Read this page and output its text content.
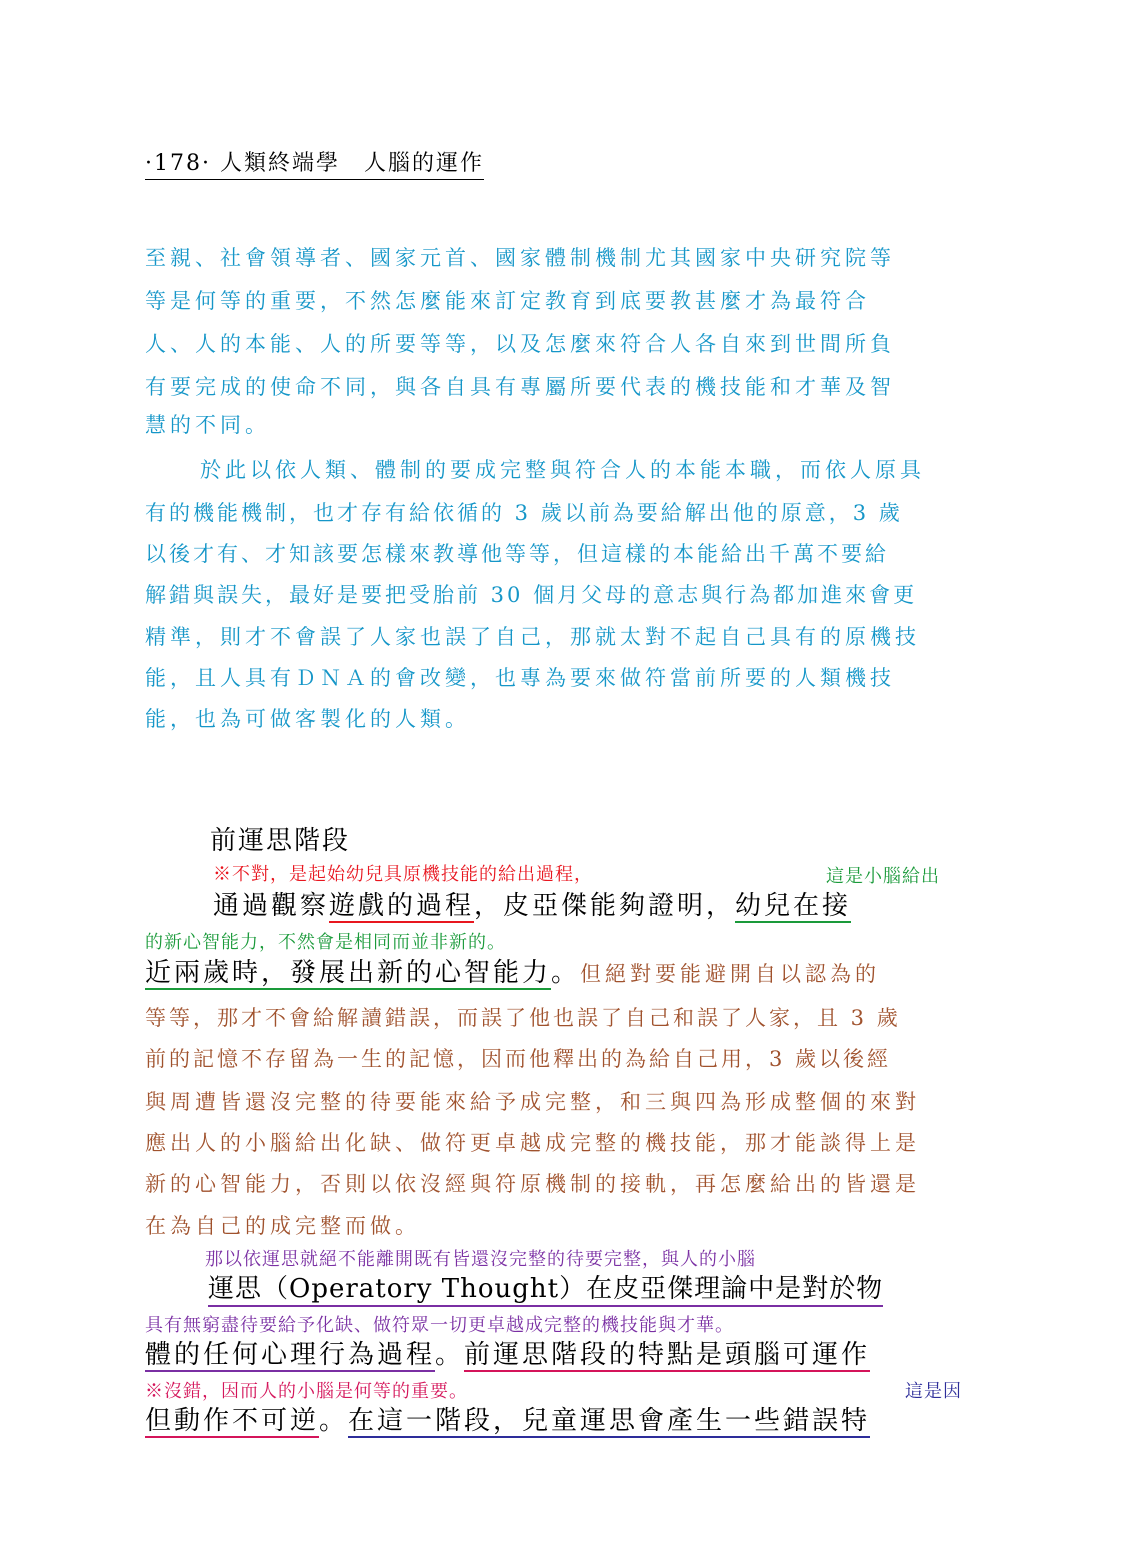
·178· 人類終端學　人腦的運作
至親、社會領導者、國家元首、國家體制機制尤其國家中央研究院等
等是何等的重要，不然怎麼能來訂定教育到底要教甚麼才為最符合
人、人的本能、人的所要等等，以及怎麼來符合人各自來到世間所負
有要完成的使命不同，與各自具有專屬所要代表的機技能和才華及智
慧的不同。
於此以依人類、體制的要成完整與符合人的本能本職，而依人原具
有的機能機制，也才存有給依循的 3 歲以前為要給解出他的原意，3 歲
以後才有、才知該要怎樣來教導他等等，但這樣的本能給出千萬不要給
解錯與誤失，最好是要把受胎前 30 個月父母的意志與行為都加進來會更
精準，則才不會誤了人家也誤了自己，那就太對不起自己具有的原機技
能，且人具有ＤＮＡ的會改變，也專為要來做符當前所要的人類機技
能，也為可做客製化的人類。
前運思階段
※不對，是起始幼兒具原機技能的給出過程，	這是小腦給出
通過觀察遊戲的過程，皮亞傑能夠證明，幼兒在接
的新心智能力，不然會是相同而並非新的。
近兩歲時，發展出新的心智能力。但絕對要能避開自以認為的
等等，那才不會給解讀錯誤，而誤了他也誤了自己和誤了人家，且 3 歲
前的記憶不存留為一生的記憶，因而他釋出的為給自己用，3 歲以後經
與周遭皆還沒完整的待要能來給予成完整，和三與四為形成整個的來對
應出人的小腦給出化缺、做符更卓越成完整的機技能，那才能談得上是
新的心智能力，否則以依沒經與符原機制的接軌，再怎麼給出的皆還是
在為自己的成完整而做。
那以依運思就絕不能離開既有皆還沒完整的待要完整，與人的小腦
運思（Operatory Thought）在皮亞傑理論中是對於物
具有無窮盡待要給予化缺、做符眾一切更卓越成完整的機技能與才華。
體的任何心理行為過程。前運思階段的特點是頭腦可運作
※沒錯，因而人的小腦是何等的重要。	這是因
但動作不可逆。在這一階段，兒童運思會產生一些錯誤特
